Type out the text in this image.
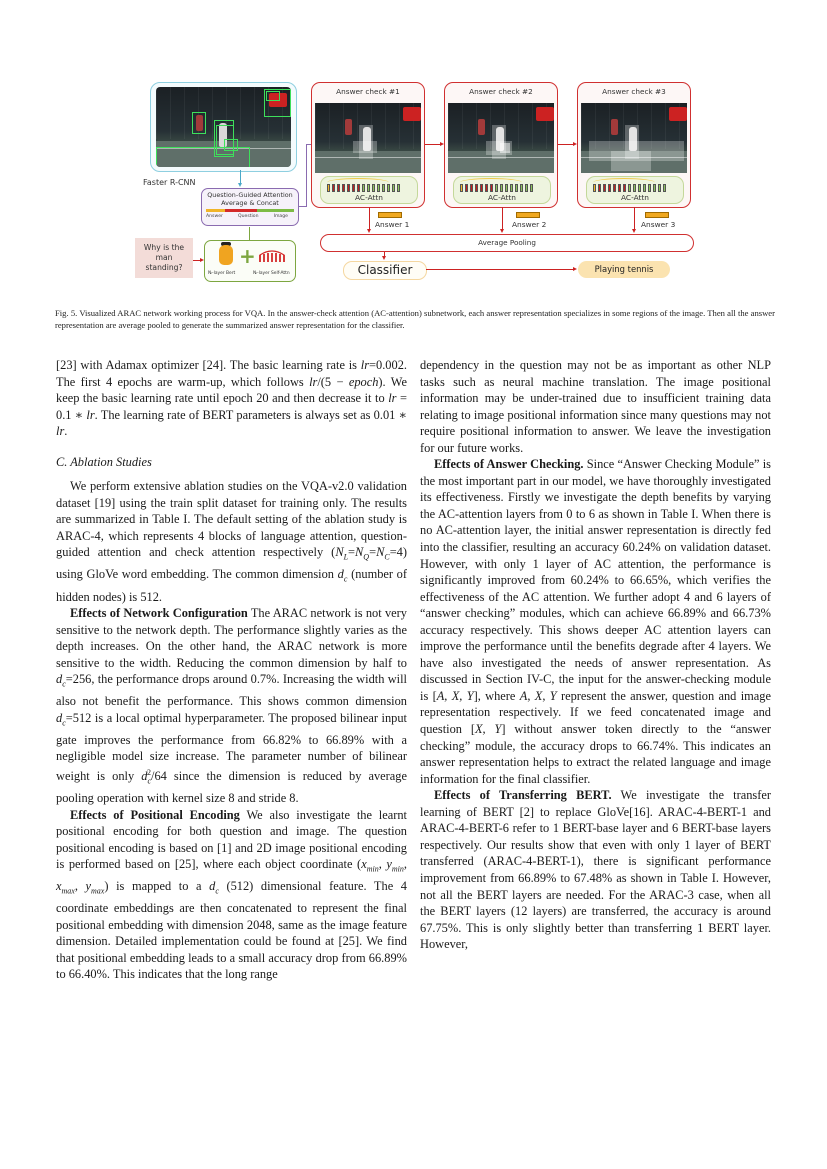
Faster R-CNN
Question-Guided Attention
Average & Concat
Answer	Question	Image
+
Nₗ-layer Bert	Nₗ-layer Self-Attn
Why is the man standing?
Answer check #1
AC-Attn
Answer check #2
AC-Attn
Answer check #3
AC-Attn
Answer 1	Answer 2	Answer 3
Average Pooling
Classifier	Playing tennis
Fig. 5. Visualized ARAC network working process for VQA. In the answer-check attention (AC-attention) subnetwork, each answer representation specializes in some regions of the image. Then all the answer representation are average pooled to generate the summarized answer representation for the classifier.

[23] with Adamax optimizer [24]. The basic learning rate is lr=0.002. The first 4 epochs are warm-up, which follows lr/(5 − epoch). We keep the basic learning rate until epoch 20 and then decrease it to lr = 0.1 ∗ lr. The learning rate of BERT parameters is always set as 0.01 ∗ lr.

C. Ablation Studies

We perform extensive ablation studies on the VQA-v2.0 validation dataset [19] using the train split dataset for training only. The results are summarized in Table I. The default setting of the ablation study is ARAC-4, which represents 4 blocks of language attention, question-guided attention and check attention respectively $(N_L=N_Q=N_C=4)$ using GloVe word embedding. The common dimension $d_c$ (number of hidden nodes) is 512.

Effects of Network Configuration The ARAC network is not very sensitive to the network depth. The performance slightly varies as the depth increases. On the other hand, the ARAC network is more sensitive to the width. Reducing the common dimension by half to $d_c=256$, the performance drops around 0.7%. Increasing the width will also not benefit the performance. This shows common dimension $d_c=512$ is a local optimal hyperparameter. The proposed bilinear input gate improves the performance from 66.82% to 66.89% with a negligible model size increase. The parameter number of bilinear weight is only $d_c^2/64$ since the dimension is reduced by average pooling operation with kernel size 8 and stride 8.

Effects of Positional Encoding We also investigate the learnt positional encoding for both question and image. The question positional encoding is based on [1] and 2D image positional encoding is performed based on [25], where each object coordinate ($x_{min}$, $y_{min}$, $x_{max}$, $y_{max}$) is mapped to a $d_c$ (512) dimensional feature. The 4 coordinate embeddings are then concatenated to represent the final positional embedding with dimension 2048, same as the image feature dimension. Detailed implementation could be found at [25]. We find that positional embedding leads to a small accuracy drop from 66.89% to 66.40%. This indicates that the long range

dependency in the question may not be as important as other NLP tasks such as neural machine translation. The image positional information may be under-trained due to insufficient training data relating to image positional information since many questions may not require positional information to answer. We leave the investigation for our future works.

Effects of Answer Checking. Since “Answer Checking Module” is the most important part in our model, we have thoroughly investigated its effectiveness. Firstly we investigate the depth benefits by varying the AC-attention layers from 0 to 6 as shown in Table I. When there is no AC-attention layer, the initial answer representation is directly fed into the classifier, resulting an accuracy 60.24% on validation dataset. However, with only 1 layer of AC attention, the performance is significantly improved from 60.24% to 66.65%, which verifies the effectiveness of the AC attention. We further adopt 4 and 6 layers of “answer checking” modules, which can achieve 66.89% and 66.73% accuracy respectively. This shows deeper AC attention layers can improve the performance until the benefits degrade after 4 layers. We have also investigated the needs of answer representation. As discussed in Section IV-C, the input for the answer-checking module is [A, X, Y], where A, X, Y represent the answer, question and image representation respectively. If we feed concatenated image and question [X, Y] without answer token directly to the “answer checking” module, the accuracy drops to 66.74%. This indicates an answer representation helps to extract the related language and image information for the final classifier.

Effects of Transferring BERT. We investigate the transfer learning of BERT [2] to replace GloVe[16]. ARAC-4-BERT-1 and ARAC-4-BERT-6 refer to 1 BERT-base layer and 6 BERT-base layers respectively. Our results show that even with only 1 layer of BERT transferred (ARAC-4-BERT-1), there is significant performance improvement from 66.89% to 67.48% as shown in Table I. However, not all the BERT layers are needed. For the ARAC-3 case, when all the BERT layers (12 layers) are transferred, the accuracy is around 67.75%. This is only slightly better than transferring 1 BERT layer. However,
